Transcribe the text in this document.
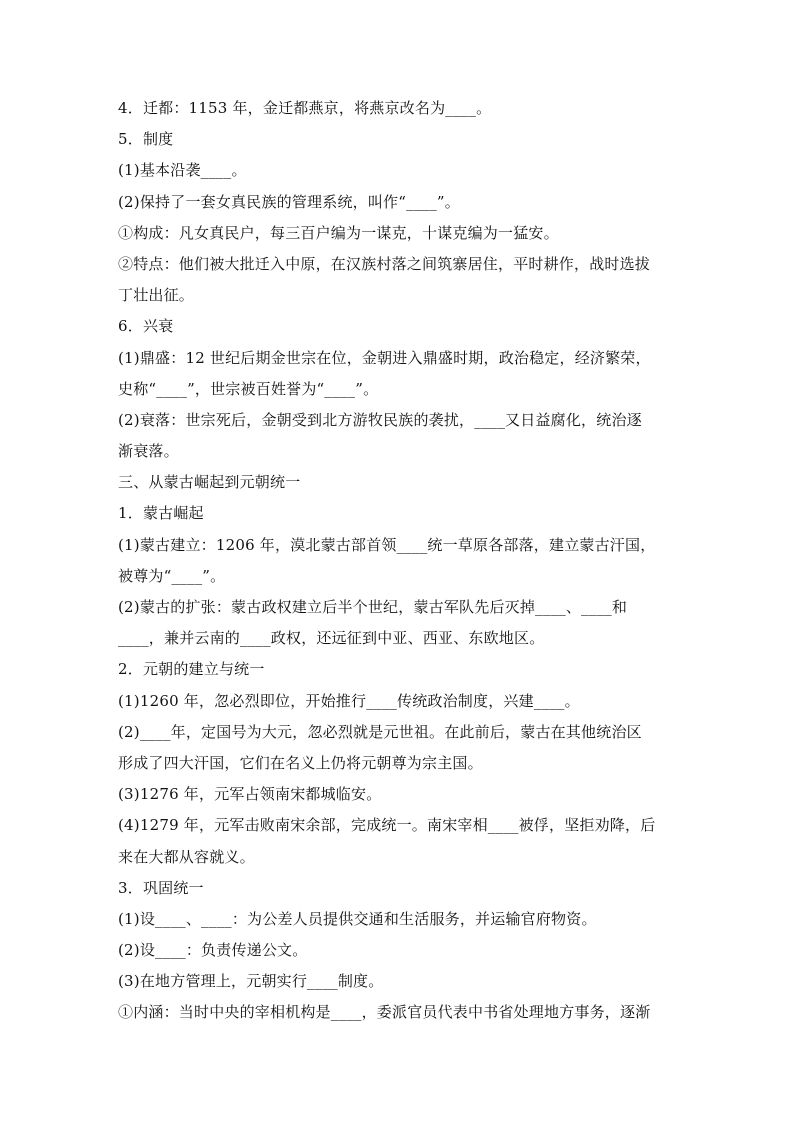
4．迁都：1153 年，金迁都燕京，将燕京改名为____。
5．制度
(1)基本沿袭____。
(2)保持了一套女真民族的管理系统，叫作“____”。
①构成：凡女真民户，每三百户编为一谋克，十谋克编为一猛安。
②特点：他们被大批迁入中原，在汉族村落之间筑寨居住，平时耕作，战时选拔
丁壮出征。
6．兴衰
(1)鼎盛：12 世纪后期金世宗在位，金朝进入鼎盛时期，政治稳定，经济繁荣，
史称“____”，世宗被百姓誉为“____”。
(2)衰落：世宗死后，金朝受到北方游牧民族的袭扰，____又日益腐化，统治逐
渐衰落。
三、从蒙古崛起到元朝统一
1．蒙古崛起
(1)蒙古建立：1206 年，漠北蒙古部首领____统一草原各部落，建立蒙古汗国，
被尊为“____”。
(2)蒙古的扩张：蒙古政权建立后半个世纪，蒙古军队先后灭掉____、____和
____，兼并云南的____政权，还远征到中亚、西亚、东欧地区。
2．元朝的建立与统一
(1)1260 年，忽必烈即位，开始推行____传统政治制度，兴建____。
(2)____年，定国号为大元，忽必烈就是元世祖。在此前后，蒙古在其他统治区
形成了四大汗国，它们在名义上仍将元朝尊为宗主国。
(3)1276 年，元军占领南宋都城临安。
(4)1279 年，元军击败南宋余部，完成统一。南宋宰相____被俘，坚拒劝降，后
来在大都从容就义。
3．巩固统一
(1)设____、____：为公差人员提供交通和生活服务，并运输官府物资。
(2)设____：负责传递公文。
(3)在地方管理上，元朝实行____制度。
①内涵：当时中央的宰相机构是____，委派官员代表中书省处理地方事务，逐渐
